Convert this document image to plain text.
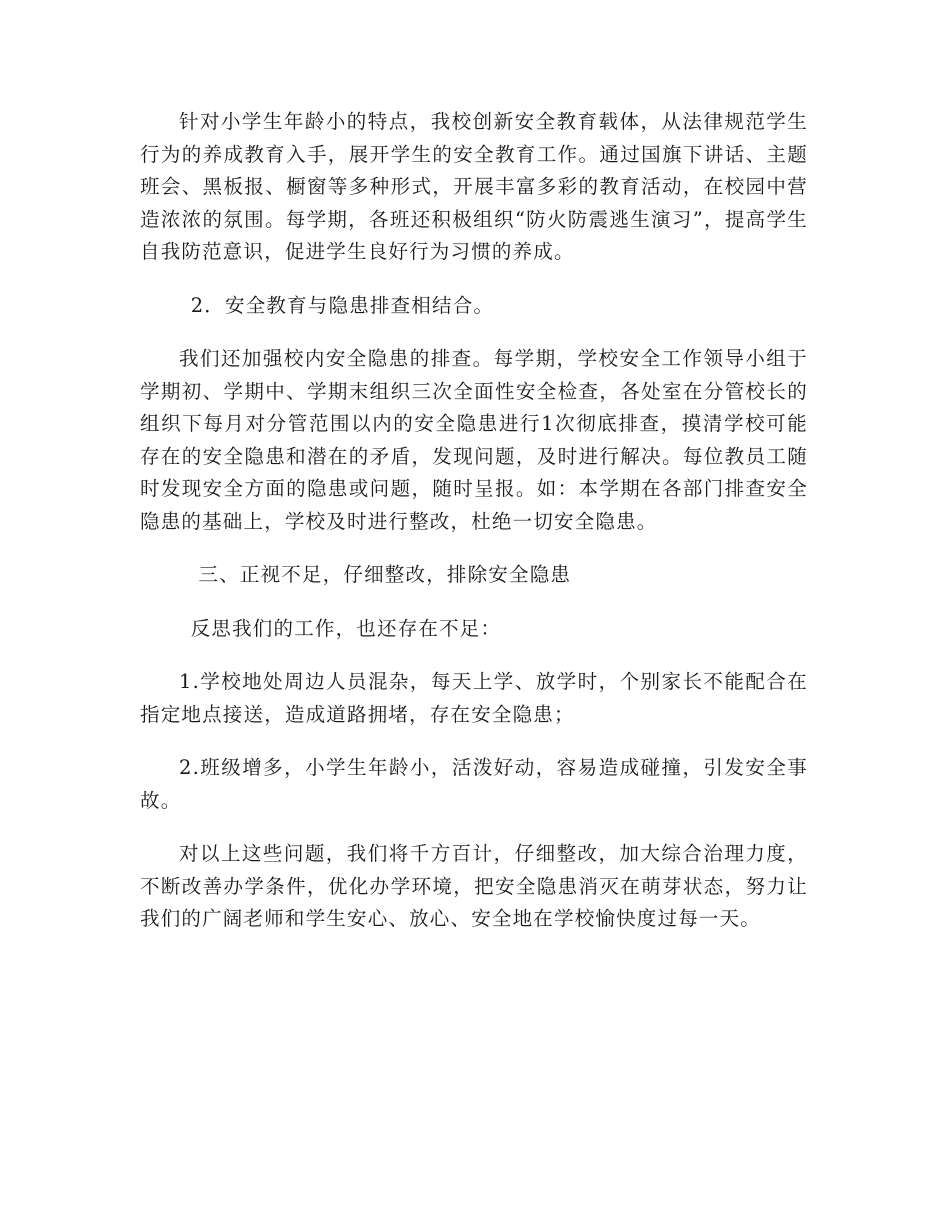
针对小学生年龄小的特点，我校创新安全教育载体，从法律规范学生行为的养成教育入手，展开学生的安全教育工作。通过国旗下讲话、主题班会、黑板报、橱窗等多种形式，开展丰富多彩的教育活动，在校园中营造浓浓的氛围。每学期，各班还积极组织“防火防震逃生演习”，提高学生自我防范意识，促进学生良好行为习惯的养成。

2．安全教育与隐患排查相结合。

我们还加强校内安全隐患的排查。每学期，学校安全工作领导小组于学期初、学期中、学期末组织三次全面性安全检查，各处室在分管校长的组织下每月对分管范围以内的安全隐患进行1次彻底排查，摸清学校可能存在的安全隐患和潜在的矛盾，发现问题，及时进行解决。每位教员工随时发现安全方面的隐患或问题，随时呈报。如：本学期在各部门排查安全隐患的基础上，学校及时进行整改，杜绝一切安全隐患。

三、正视不足，仔细整改，排除安全隐患

反思我们的工作，也还存在不足：

1.学校地处周边人员混杂，每天上学、放学时，个别家长不能配合在指定地点接送，造成道路拥堵，存在安全隐患；

2.班级增多，小学生年龄小，活泼好动，容易造成碰撞，引发安全事故。

对以上这些问题，我们将千方百计，仔细整改，加大综合治理力度，不断改善办学条件，优化办学环境，把安全隐患消灭在萌芽状态，努力让我们的广阔老师和学生安心、放心、安全地在学校愉快度过每一天。
